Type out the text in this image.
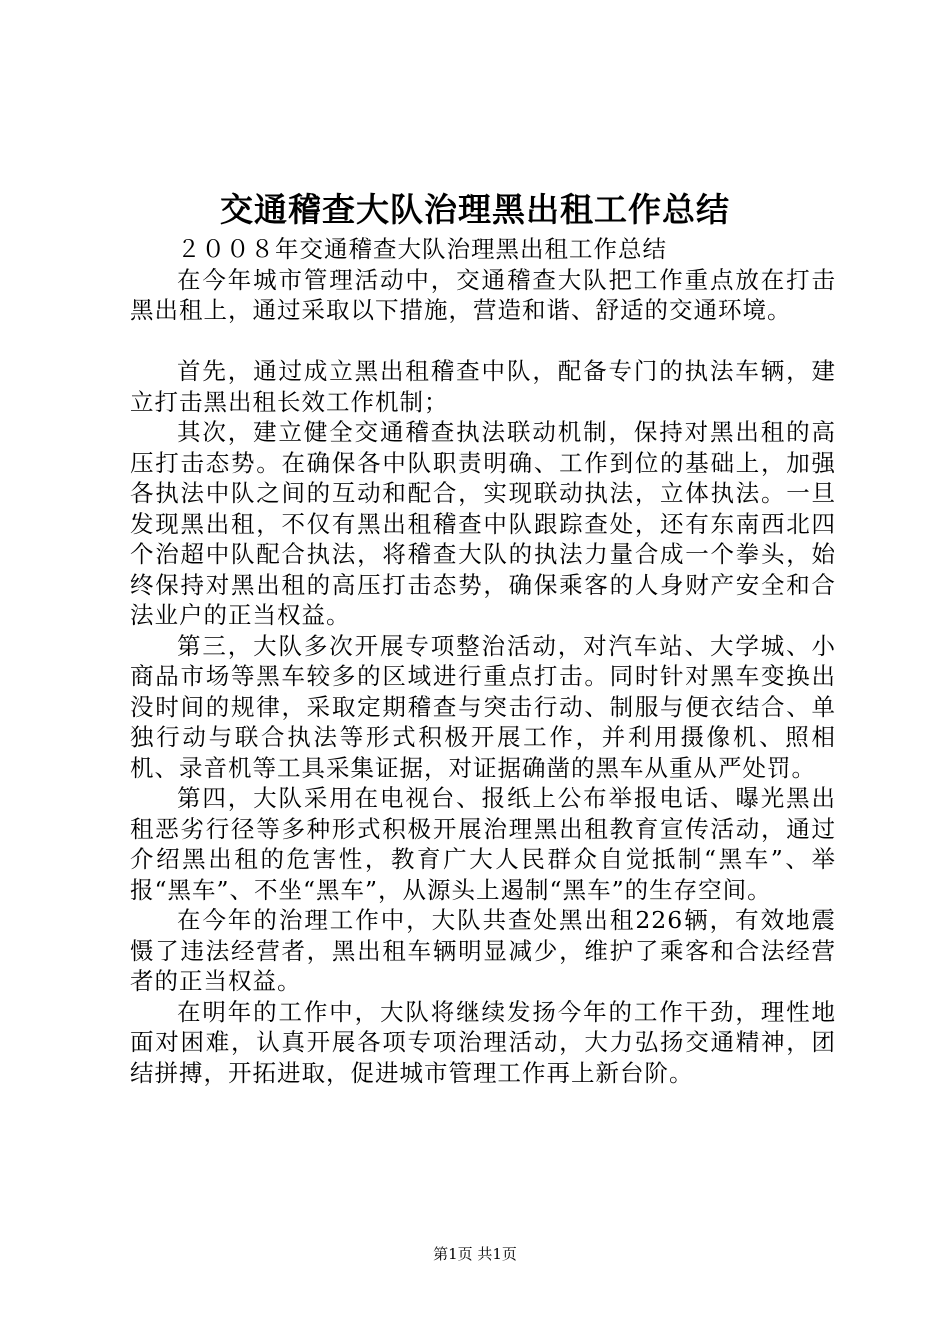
交通稽查大队治理黑出租工作总结

２００８年交通稽查大队治理黑出租工作总结

在今年城市管理活动中，交通稽查大队把工作重点放在打击黑出租上，通过采取以下措施，营造和谐、舒适的交通环境。

首先，通过成立黑出租稽查中队，配备专门的执法车辆，建立打击黑出租长效工作机制；

其次，建立健全交通稽查执法联动机制，保持对黑出租的高压打击态势。在确保各中队职责明确、工作到位的基础上，加强各执法中队之间的互动和配合，实现联动执法，立体执法。一旦发现黑出租，不仅有黑出租稽查中队跟踪查处，还有东南西北四个治超中队配合执法，将稽查大队的执法力量合成一个拳头，始终保持对黑出租的高压打击态势，确保乘客的人身财产安全和合法业户的正当权益。

第三，大队多次开展专项整治活动，对汽车站、大学城、小商品市场等黑车较多的区域进行重点打击。同时针对黑车变换出没时间的规律，采取定期稽查与突击行动、制服与便衣结合、单独行动与联合执法等形式积极开展工作，并利用摄像机、照相机、录音机等工具采集证据，对证据确凿的黑车从重从严处罚。

第四，大队采用在电视台、报纸上公布举报电话、曝光黑出租恶劣行径等多种形式积极开展治理黑出租教育宣传活动，通过介绍黑出租的危害性，教育广大人民群众自觉抵制“黑车”、举报“黑车”、不坐“黑车”，从源头上遏制“黑车”的生存空间。

在今年的治理工作中，大队共查处黑出租226辆，有效地震慑了违法经营者，黑出租车辆明显减少，维护了乘客和合法经营者的正当权益。

在明年的工作中，大队将继续发扬今年的工作干劲，理性地面对困难，认真开展各项专项治理活动，大力弘扬交通精神，团结拼搏，开拓进取，促进城市管理工作再上新台阶。

第1页 共1页
